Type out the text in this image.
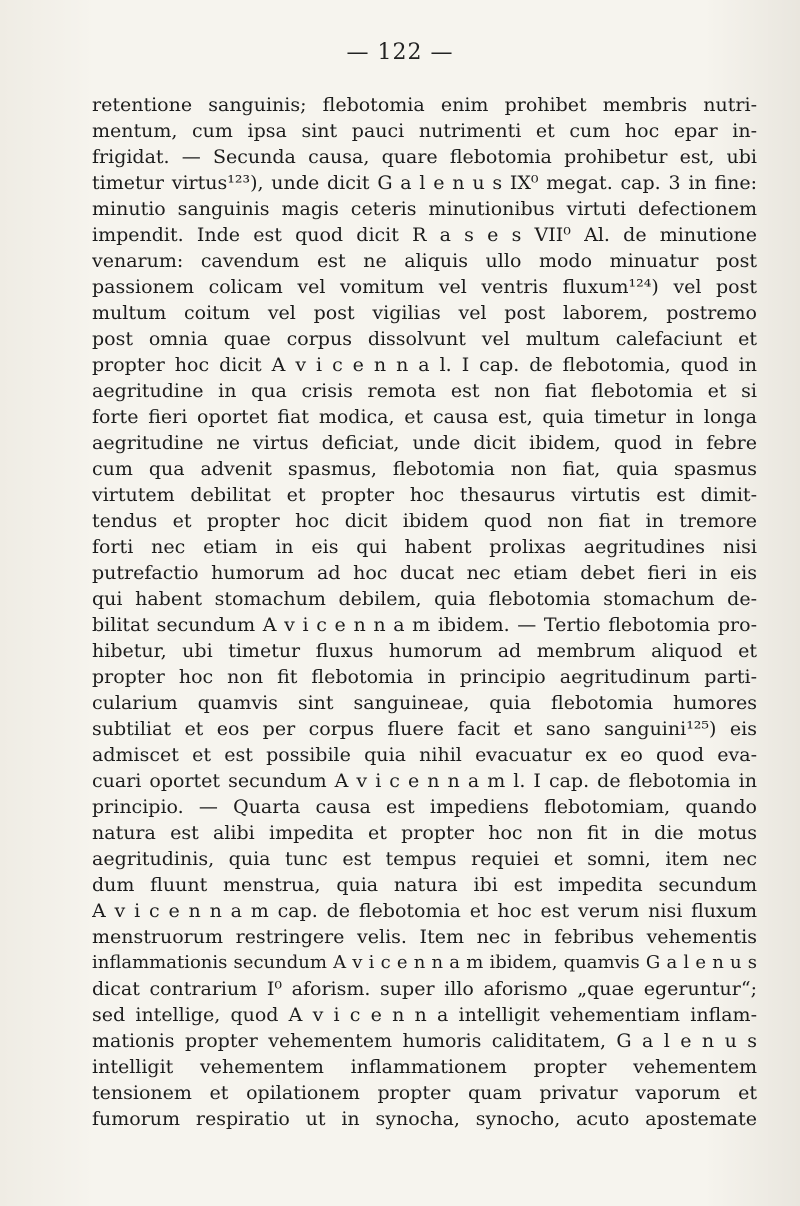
— 122 —
retentione sanguinis; flebotomia enim prohibet membris nutri-
mentum, cum ipsa sint pauci nutrimenti et cum hoc epar in-
frigidat. — Secunda causa, quare flebotomia prohibetur est, ubi
timetur virtus¹²³), unde dicit G a l e n u s IX⁰ megat. cap. 3 in fine:
minutio sanguinis magis ceteris minutionibus virtuti defectionem
impendit. Inde est quod dicit R a s e s VII⁰ Al. de minutione
venarum: cavendum est ne aliquis ullo modo minuatur post
passionem colicam vel vomitum vel ventris fluxum¹²⁴) vel post
multum coitum vel post vigilias vel post laborem, postremo
post omnia quae corpus dissolvunt vel multum calefaciunt et
propter hoc dicit A v i c e n n a l. I cap. de flebotomia, quod in
aegritudine in qua crisis remota est non fiat flebotomia et si
forte fieri oportet fiat modica, et causa est, quia timetur in longa
aegritudine ne virtus deficiat, unde dicit ibidem, quod in febre
cum qua advenit spasmus, flebotomia non fiat, quia spasmus
virtutem debilitat et propter hoc thesaurus virtutis est dimit-
tendus et propter hoc dicit ibidem quod non fiat in tremore
forti nec etiam in eis qui habent prolixas aegritudines nisi
putrefactio humorum ad hoc ducat nec etiam debet fieri in eis
qui habent stomachum debilem, quia flebotomia stomachum de-
bilitat secundum A v i c e n n a m ibidem. — Tertio flebotomia pro-
hibetur, ubi timetur fluxus humorum ad membrum aliquod et
propter hoc non fit flebotomia in principio aegritudinum parti-
cularium quamvis sint sanguineae, quia flebotomia humores
subtiliat et eos per corpus fluere facit et sano sanguini¹²⁵) eis
admiscet et est possibile quia nihil evacuatur ex eo quod eva-
cuari oportet secundum A v i c e n n a m l. I cap. de flebotomia in
principio. — Quarta causa est impediens flebotomiam, quando
natura est alibi impedita et propter hoc non fit in die motus
aegritudinis, quia tunc est tempus requiei et somni, item nec
dum fluunt menstrua, quia natura ibi est impedita secundum
A v i c e n n a m cap. de flebotomia et hoc est verum nisi fluxum
menstruorum restringere velis. Item nec in febribus vehementis
inflammationis secundum A v i c e n n a m ibidem, quamvis G a l e n u s
dicat contrarium I⁰ aforism. super illo aforismo „quae egeruntur“;
sed intellige, quod A v i c e n n a intelligit vehementiam inflam-
mationis propter vehementem humoris caliditatem, G a l e n u s
intelligit vehementem inflammationem propter vehementem
tensionem et opilationem propter quam privatur vaporum et
fumorum respiratio ut in synocha, synocho, acuto apostemate
